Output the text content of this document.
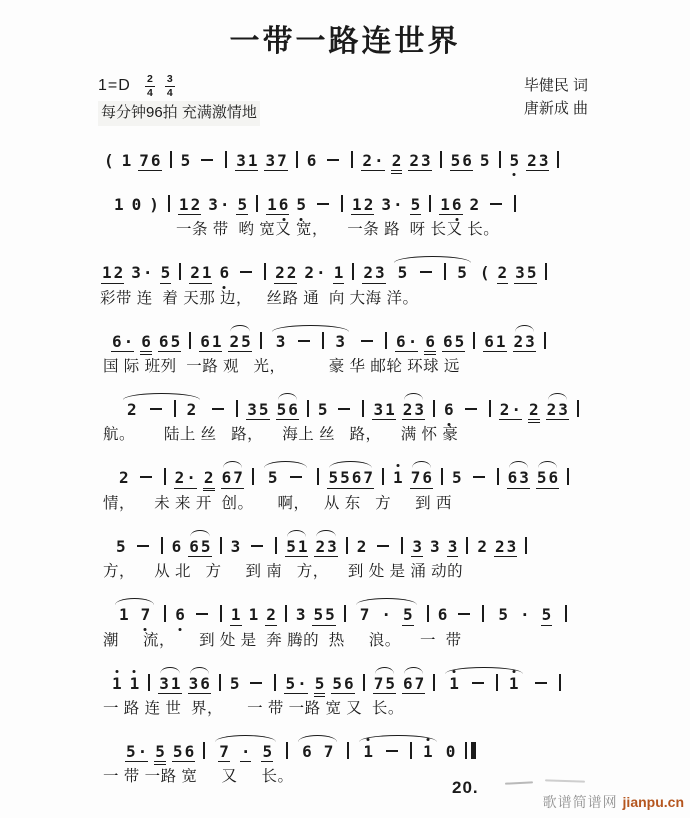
一带一路连世界
$1=D \frac{2}{4} \frac{3}{4}$
每分钟96拍 充满激情地
毕健民 词
唐新成 曲
( 1 7 6 5	3 1 3 7 6	2 · 2 2 3 5 6 5 5 2 3
1 0 ) 1 2 3 · 5 1 6 5	1 2 3 · 5 1 6 2
一条 带  哟 宽又 宽，    一条 路  呀 长又 长。
1 2 3 · 5 2 1 6	2 2 2 · 1 2 3 5	5 ( 2 3 5
彩带 连  着 天那 边，   丝路 通  向 大海 洋。
6 · 6 6 5 6 1 2 5 3	3	6 · 6 6 5 6 1 2 3
国 际 班列  一路 观   光，         豪 华 邮轮 环球 远
2	2	3 5 5 6 5	3 1 2 3 6	2 · 2 2 3
航。      陆上 丝   路，    海上 丝   路，    满 怀 豪
2	2 · 2 6 7 5	5 5 6 7 1 7 6 5	6 3 5 6
情，    未 来 开  创。     啊，   从 东   方     到 西
5	6 6 5 3	5 1 2 3 2	3 3 3 2 2 3
方，    从 北   方     到 南   方，    到 处 是 涌 动的
1 7 6	1 1 2 3 5 5 7 · 5 6	5 · 5
潮     流，     到 处 是  奔 腾的  热     浪。    一  带
1 1 3 1 3 6 5	5 · 5 5 6 7 5 6 7 1	1
一 路 连 世  界，     一 带 一路 宽 又  长。
5 · 5 5 6 7 · 5 6 7 1	1 0
一 带 一路 宽     又     长。
20.
歌谱简谱网 jianpu.cn
